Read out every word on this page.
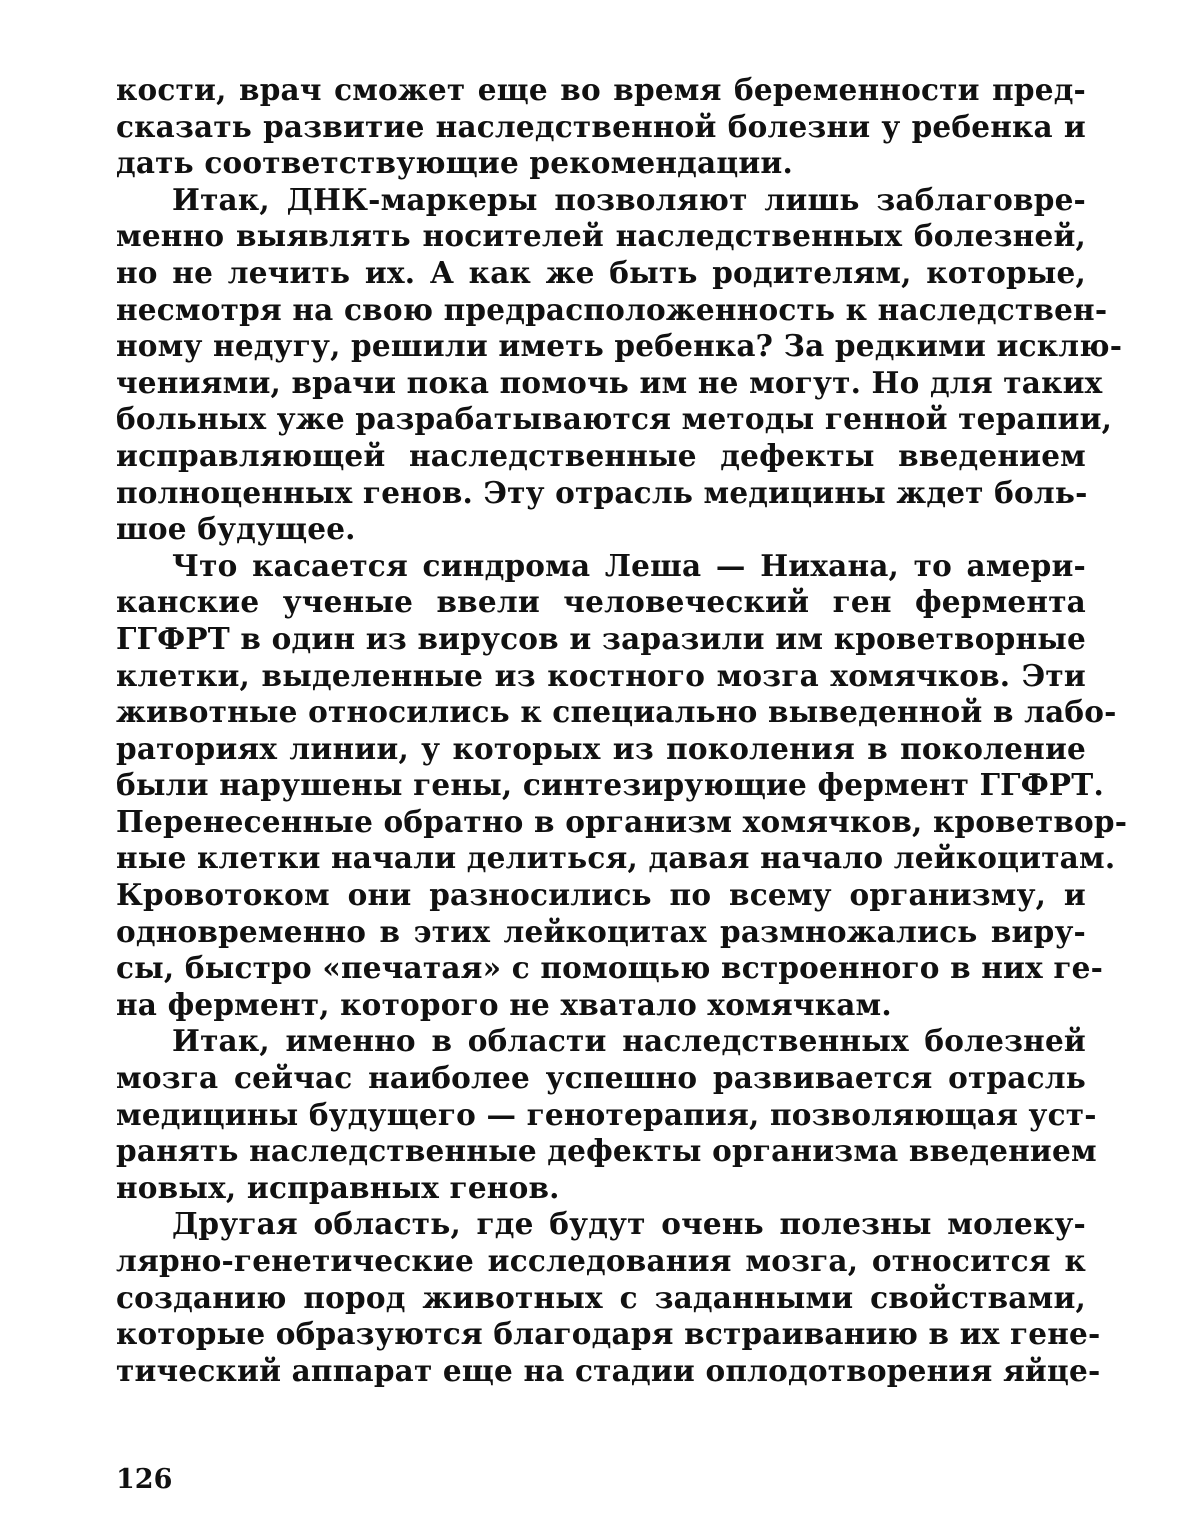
кости, врач сможет еще во время беременности пред-
сказать развитие наследственной болезни у ребенка и
дать соответствующие рекомендации.
Итак, ДНК-маркеры позволяют лишь заблаговре-
менно выявлять носителей наследственных болезней,
но не лечить их. А как же быть родителям, которые,
несмотря на свою предрасположенность к наследствен-
ному недугу, решили иметь ребенка? За редкими исклю-
чениями, врачи пока помочь им не могут. Но для таких
больных уже разрабатываются методы генной терапии,
исправляющей наследственные дефекты введением
полноценных генов. Эту отрасль медицины ждет боль-
шое будущее.
Что касается синдрома Леша — Нихана, то амери-
канские ученые ввели человеческий ген фермента
ГГФРТ в один из вирусов и заразили им кроветворные
клетки, выделенные из костного мозга хомячков. Эти
животные относились к специально выведенной в лабо-
раториях линии, у которых из поколения в поколение
были нарушены гены, синтезирующие фермент ГГФРТ.
Перенесенные обратно в организм хомячков, кроветвор-
ные клетки начали делиться, давая начало лейкоцитам.
Кровотоком они разносились по всему организму, и
одновременно в этих лейкоцитах размножались виру-
сы, быстро «печатая» с помощью встроенного в них ге-
на фермент, которого не хватало хомячкам.
Итак, именно в области наследственных болезней
мозга сейчас наиболее успешно развивается отрасль
медицины будущего — генотерапия, позволяющая уст-
ранять наследственные дефекты организма введением
новых, исправных генов.
Другая область, где будут очень полезны молеку-
лярно-генетические исследования мозга, относится к
созданию пород животных с заданными свойствами,
которые образуются благодаря встраиванию в их гене-
тический аппарат еще на стадии оплодотворения яйце-
126
